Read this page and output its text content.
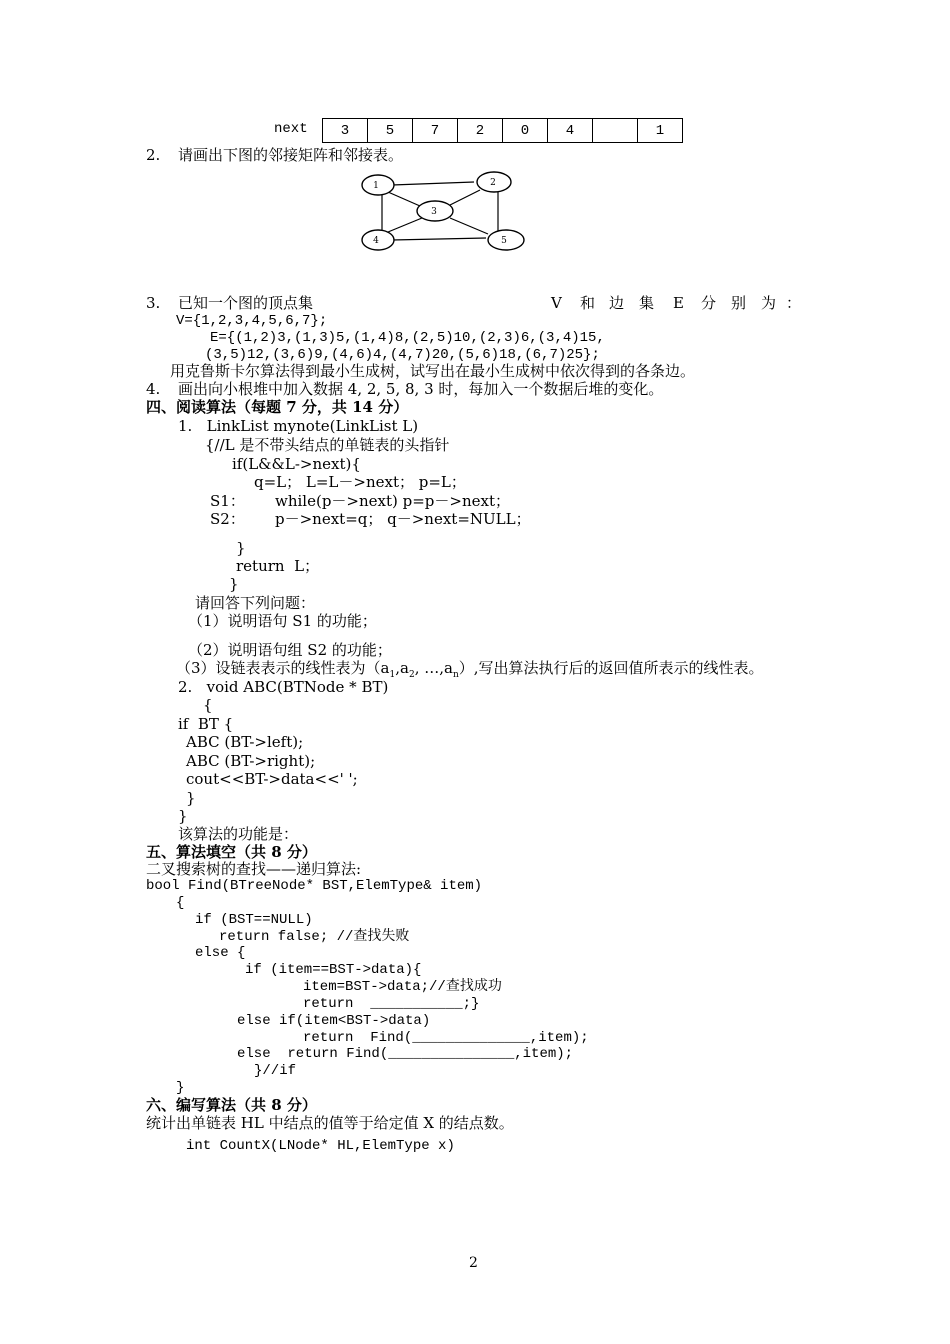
next 3	5	7	2	0	4		1
2. 请画出下图的邻接矩阵和邻接表。
1	2
3
4	5
3. 已知一个图的顶点集	V 和 边 集 E 分 别 为 ：
V={1,2,3,4,5,6,7};
E={(1,2)3,(1,3)5,(1,4)8,(2,5)10,(2,3)6,(3,4)15,
(3,5)12,(3,6)9,(4,6)4,(4,7)20,(5,6)18,(6,7)25};
用克鲁斯卡尔算法得到最小生成树，试写出在最小生成树中依次得到的各条边。
4. 画出向小根堆中加入数据 4, 2, 5, 8, 3 时，每加入一个数据后堆的变化。
四、阅读算法（每题 7 分，共 14 分）
1.   LinkList mynote(LinkList L)
{//L 是不带头结点的单链表的头指针
if(L&&L->next){
q=L； L=L－>next； p=L；
S1： while(p－>next) p=p－>next；
S2： p－>next=q； q－>next=NULL；
}
return  L；
}
请回答下列问题：
（1）说明语句 S1 的功能；
（2）说明语句组 S2 的功能；
（3）设链表表示的线性表为（$a_1,a_2$, $\dots,a_n$）,写出算法执行后的返回值所表示的线性表。
2.   void ABC(BTNode * BT)
{
if  BT {
ABC (BT->left);
ABC (BT->right);
cout<<BT->data<<' ';
}
}
该算法的功能是：
五、算法填空（共 8 分）
二叉搜索树的查找——递归算法:
bool Find(BTreeNode* BST,ElemType& item)
{
if (BST==NULL)
return false; //查找失败
else {
if (item==BST->data){
item=BST->data;//查找成功
return  ___________;}
else if(item<BST->data)
return  Find(______________,item);
else  return Find(_______________,item);
}//if
}
六、编写算法（共 8 分）
统计出单链表 HL 中结点的值等于给定值 X 的结点数。
int CountX(LNode* HL,ElemType x)
2
